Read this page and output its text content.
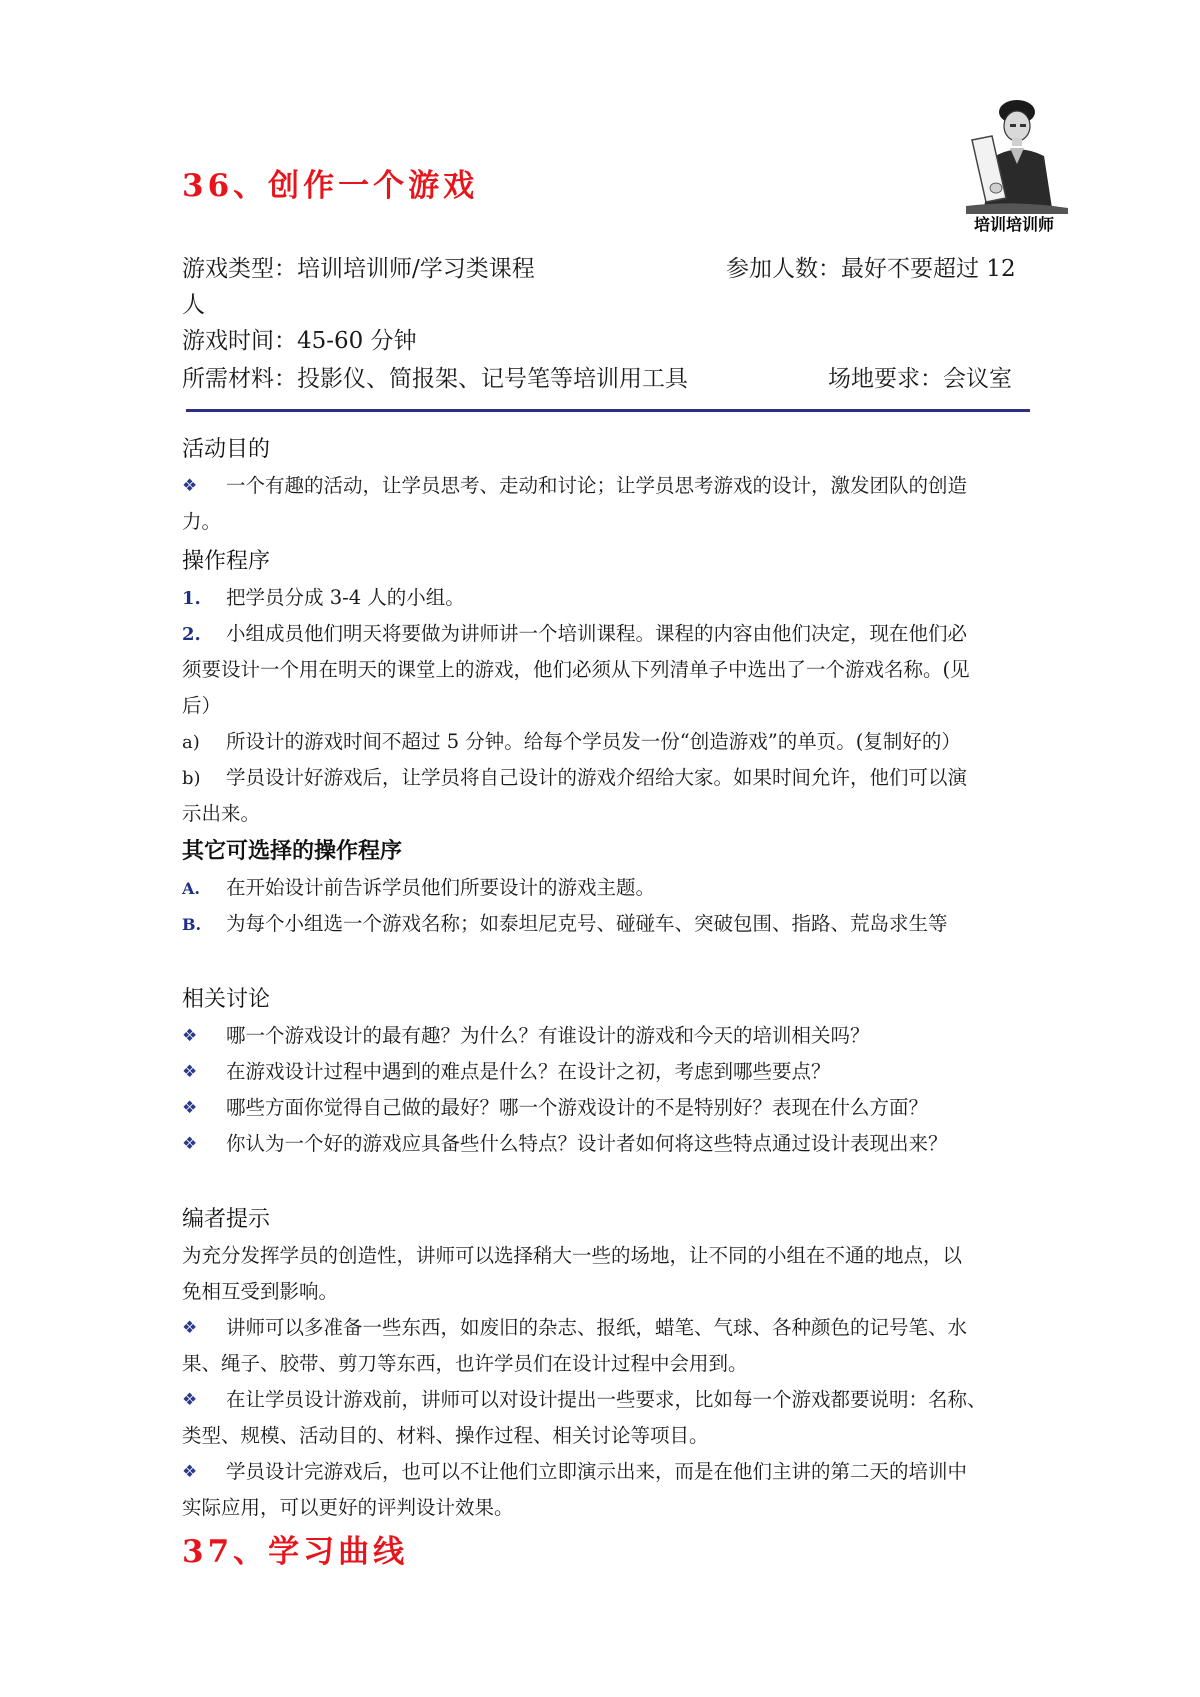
36、创作一个游戏
培训培训师
游戏类型：培训培训师/学习类课程	参加人数：最好不要超过 12
人
游戏时间：45-60 分钟
所需材料：投影仪、简报架、记号笔等培训用工具	场地要求：会议室
活动目的
❖ 一个有趣的活动，让学员思考、走动和讨论；让学员思考游戏的设计，激发团队的创造
力。
操作程序
1. 把学员分成 3-4 人的小组。
2. 小组成员他们明天将要做为讲师讲一个培训课程。课程的内容由他们决定，现在他们必
须要设计一个用在明天的课堂上的游戏，他们必须从下列清单子中选出了一个游戏名称。(见
后）
a) 所设计的游戏时间不超过 5 分钟。给每个学员发一份“创造游戏”的单页。(复制好的）
b) 学员设计好游戏后，让学员将自己设计的游戏介绍给大家。如果时间允许，他们可以演
示出来。
其它可选择的操作程序
A. 在开始设计前告诉学员他们所要设计的游戏主题。
B. 为每个小组选一个游戏名称；如泰坦尼克号、碰碰车、突破包围、指路、荒岛求生等
相关讨论
❖ 哪一个游戏设计的最有趣？为什么？有谁设计的游戏和今天的培训相关吗？
❖ 在游戏设计过程中遇到的难点是什么？在设计之初，考虑到哪些要点？
❖ 哪些方面你觉得自己做的最好？哪一个游戏设计的不是特别好？表现在什么方面？
❖ 你认为一个好的游戏应具备些什么特点？设计者如何将这些特点通过设计表现出来？
编者提示
为充分发挥学员的创造性，讲师可以选择稍大一些的场地，让不同的小组在不通的地点，以
免相互受到影响。
❖ 讲师可以多准备一些东西，如废旧的杂志、报纸，蜡笔、气球、各种颜色的记号笔、水
果、绳子、胶带、剪刀等东西，也许学员们在设计过程中会用到。
❖ 在让学员设计游戏前，讲师可以对设计提出一些要求，比如每一个游戏都要说明：名称、
类型、规模、活动目的、材料、操作过程、相关讨论等项目。
❖ 学员设计完游戏后，也可以不让他们立即演示出来，而是在他们主讲的第二天的培训中
实际应用，可以更好的评判设计效果。
37、学习曲线
